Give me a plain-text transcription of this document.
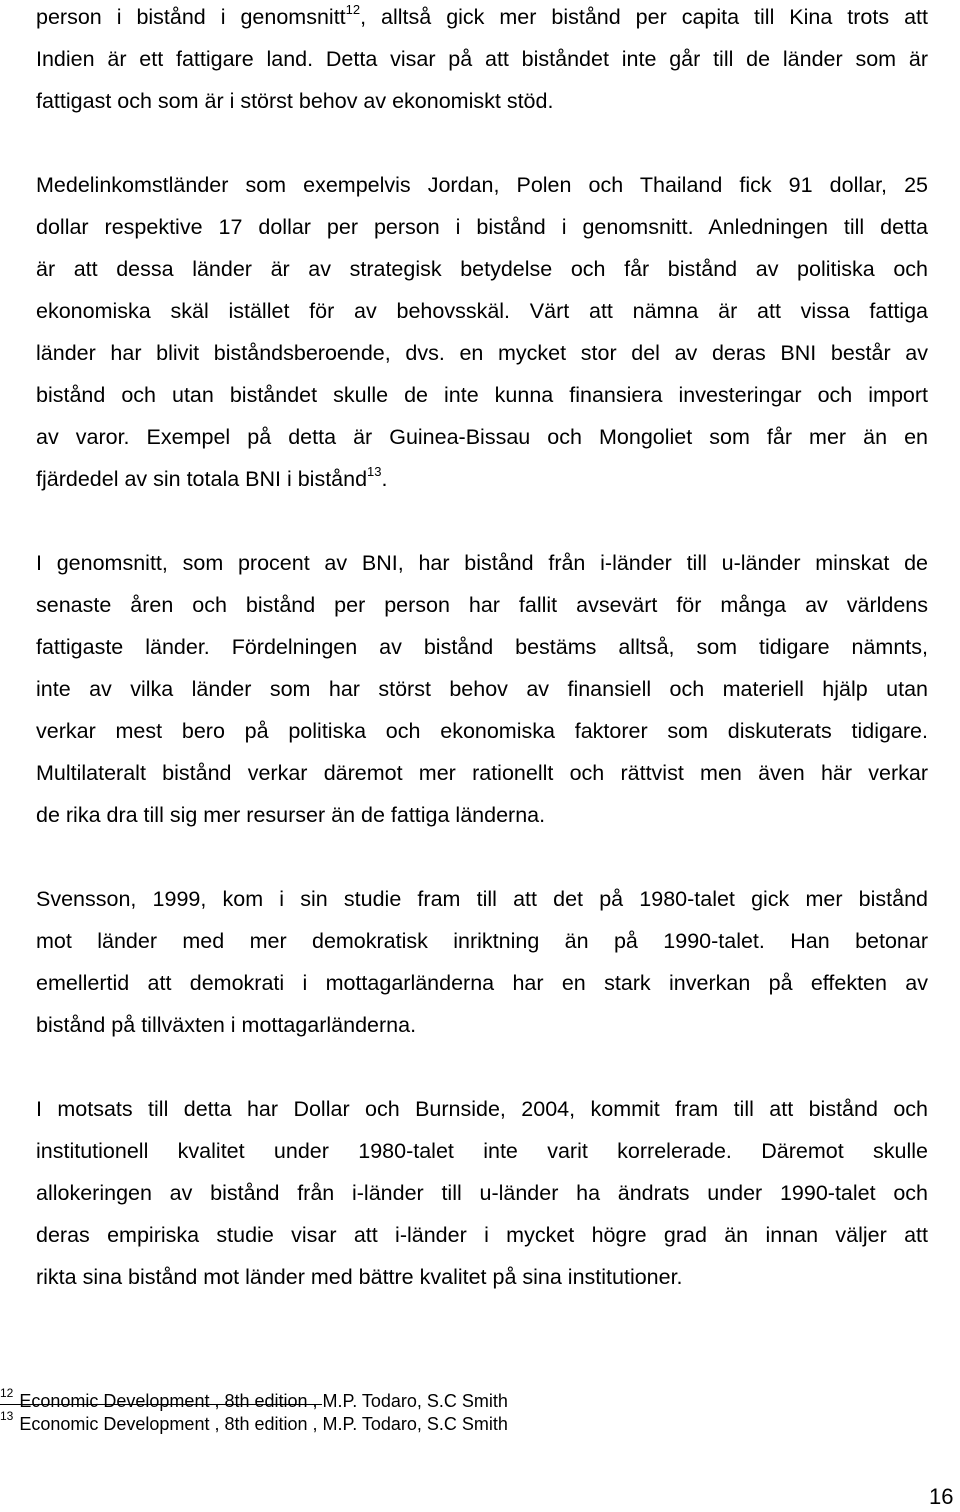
person i bistånd i genomsnitt$^{12}$, alltså gick mer bistånd per capita till Kina trots att
Indien är ett fattigare land. Detta visar på att biståndet inte går till de länder som är
fattigast och som är i störst behov av ekonomiskt stöd.
Medelinkomstländer som exempelvis Jordan, Polen och Thailand fick 91 dollar, 25
dollar respektive 17 dollar per person i bistånd i genomsnitt. Anledningen till detta
är att dessa länder är av strategisk betydelse och får bistånd av politiska och
ekonomiska skäl istället för av behovsskäl. Värt att nämna är att vissa fattiga
länder har blivit biståndsberoende, dvs. en mycket stor del av deras BNI består av
bistånd och utan biståndet skulle de inte kunna finansiera investeringar och import
av varor. Exempel på detta är Guinea-Bissau och Mongoliet som får mer än en
fjärdedel av sin totala BNI i bistånd$^{13}$.
I genomsnitt, som procent av BNI, har bistånd från i-länder till u-länder minskat de
senaste åren och bistånd per person har fallit avsevärt för många av världens
fattigaste länder. Fördelningen av bistånd bestäms alltså, som tidigare nämnts,
inte av vilka länder som har störst behov av finansiell och materiell hjälp utan
verkar mest bero på politiska och ekonomiska faktorer som diskuterats tidigare.
Multilateralt bistånd verkar däremot mer rationellt och rättvist men även här verkar
de rika dra till sig mer resurser än de fattiga länderna.
Svensson, 1999, kom i sin studie fram till att det på 1980-talet gick mer bistånd
mot länder med mer demokratisk inriktning än på 1990-talet. Han betonar
emellertid att demokrati i mottagarländerna har en stark inverkan på effekten av
bistånd på tillväxten i mottagarländerna.
I motsats till detta har Dollar och Burnside, 2004, kommit fram till att bistånd och
institutionell kvalitet under 1980-talet inte varit korrelerade. Däremot skulle
allokeringen av bistånd från i-länder till u-länder ha ändrats under 1990-talet och
deras empiriska studie visar att i-länder i mycket högre grad än innan väljer att
rikta sina bistånd mot länder med bättre kvalitet på sina institutioner.
$^{12}$ Economic Development , 8th edition , M.P. Todaro, S.C Smith
$^{13}$ Economic Development , 8th edition , M.P. Todaro, S.C Smith
16
